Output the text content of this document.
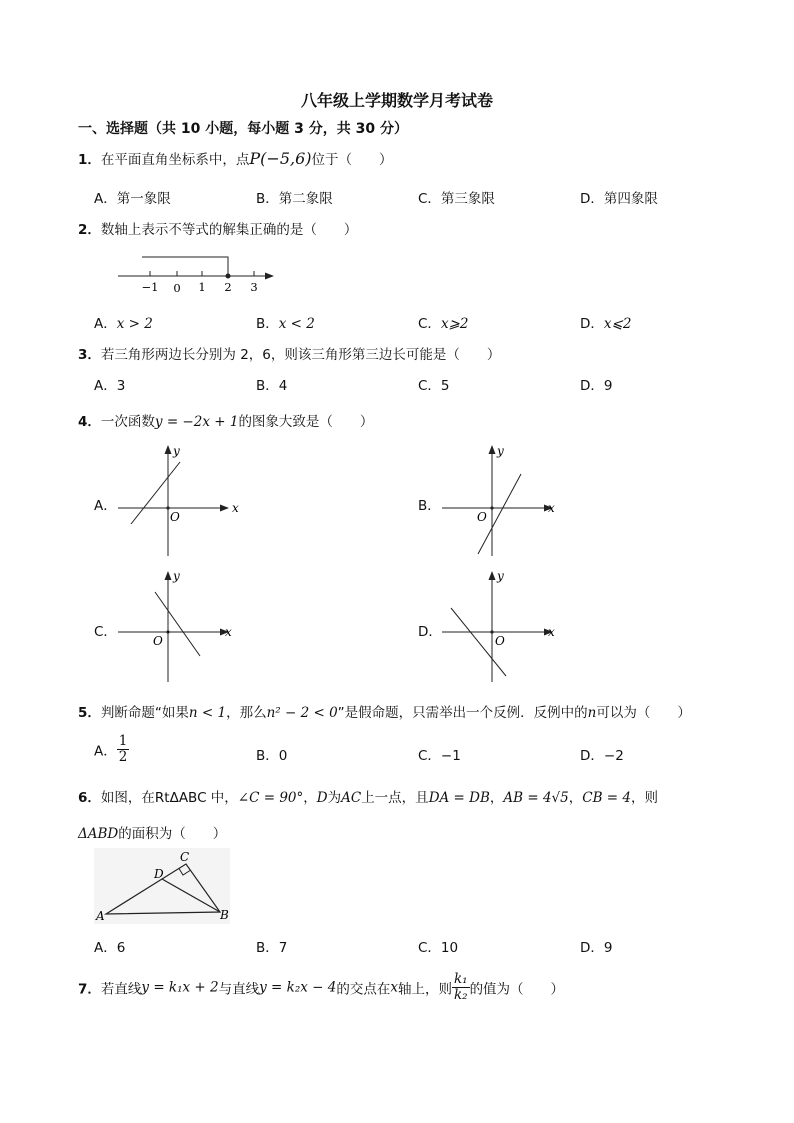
八年级上学期数学月考试卷
一、选择题（共 10 小题，每小题 3 分，共 30 分）
1．在平面直角坐标系中，点P(−5,6)位于（　　）
A．第一象限	B．第二象限	C．第三象限	D．第四象限
2．数轴上表示不等式的解集正确的是（　　）
−1 0 1 2 3
A．x > 2	B．x < 2	C．x⩾2	D．x⩽2
3．若三角形两边长分别为 2，6，则该三角形第三边长可能是（　　）
A．3	B．4	C．5	D．9
4．一次函数y = −2x + 1的图象大致是（　　）
A．	x
y
O
B．	x
y
O
C．	x
y
O
D．	x
y
O
5．判断命题“如果n < 1，那么n² − 2 < 0”是假命题，只需举出一个反例．反例中的n可以为（　　）
A． $\frac{1}{2}$	B．0	C．−1	D．−2
6．如图，在RtΔABC 中，∠C = 90°，D为AC上一点，且DA = DB，AB = 4√5，CB = 4，则
ΔABD的面积为（　　）
A	B
C
D
A．6	B．7	C．10	D．9
7．若直线y = k₁x + 2与直线y = k₂x − 4的交点在x轴上，则 $\frac{\text{k₁}}{\text{k₂}}$ 的值为（　　）
